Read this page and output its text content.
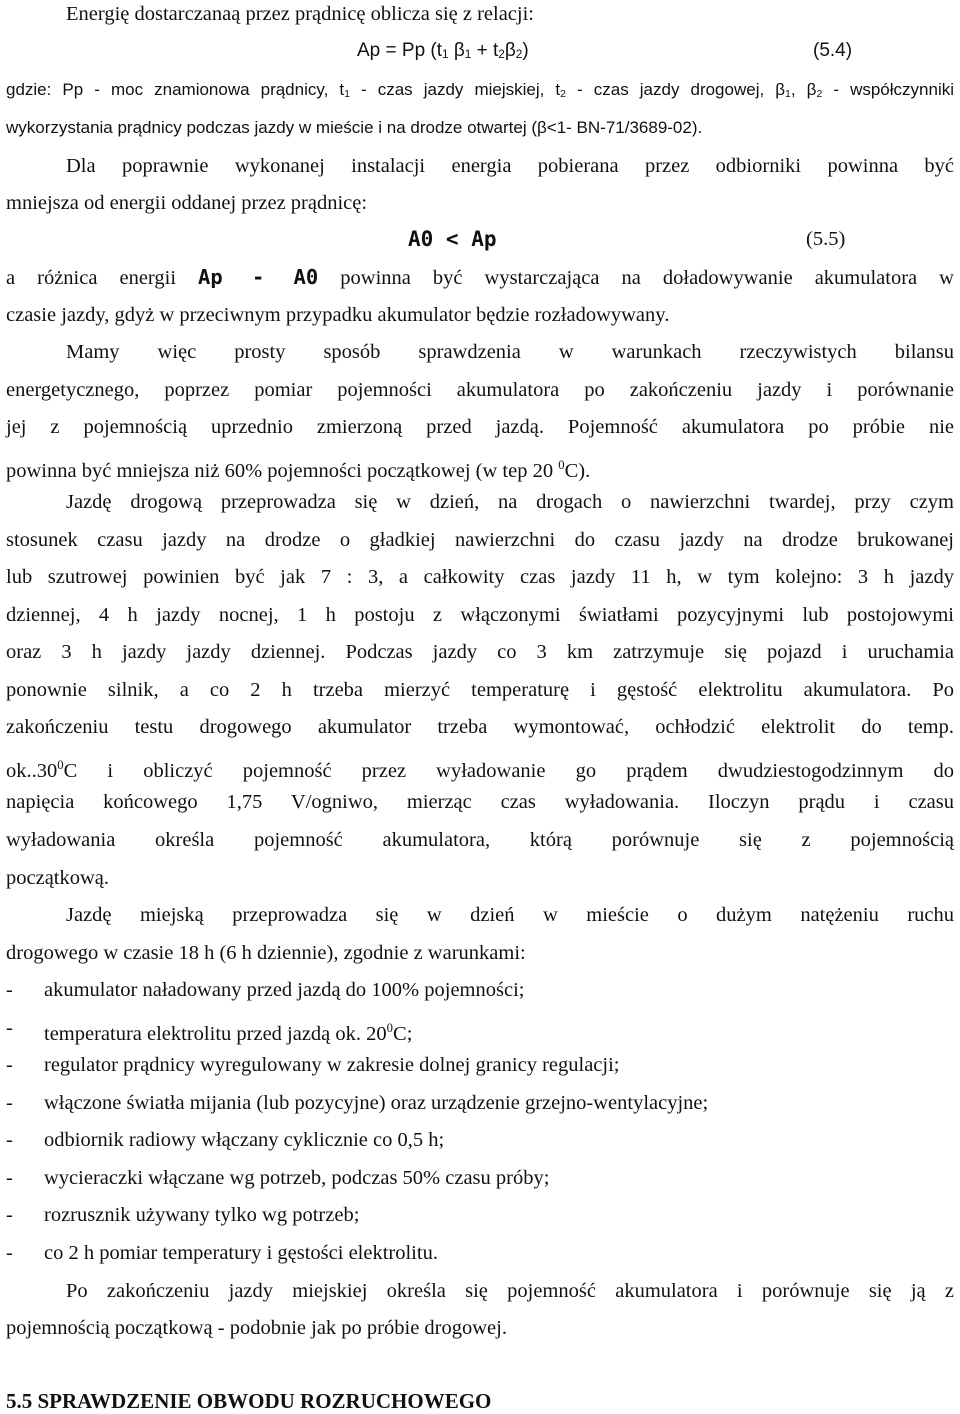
Energię dostarczanaą przez prądnicę oblicza się z relacji:
Ap = Pp ($t_1$ $\beta_1 + t_2\beta_2$)	(5.4)
gdzie: Pp - moc znamionowa prądnicy, $t_1$ - czas jazdy miejskiej, $t_2$ - czas jazdy drogowej, $\beta_1$, $\beta_2$ - współczynniki
wykorzystania prądnicy podczas jazdy w mieście i na drodze otwartej (β<1- BN-71/3689-02).
Dla poprawnie wykonanej instalacji energia pobierana przez odbiorniki powinna być
mniejsza od energii oddanej przez prądnicę:
A0 < Ap	(5.5)
a różnica energii Ap - A0 powinna być wystarczająca na doładowywanie akumulatora w
czasie jazdy, gdyż w przeciwnym przypadku akumulator będzie rozładowywany.
Mamy więc prosty sposób sprawdzenia w warunkach rzeczywistych bilansu
energetycznego, poprzez pomiar pojemności akumulatora po zakończeniu jazdy i porównanie
jej z pojemnością uprzednio zmierzoną przed jazdą. Pojemność akumulatora po próbie nie
powinna być mniejsza niż 60% pojemności początkowej (w tep 20 $^0$C).
Jazdę drogową przeprowadza się w dzień, na drogach o nawierzchni twardej, przy czym
stosunek czasu jazdy na drodze o gładkiej nawierzchni do czasu jazdy na drodze brukowanej
lub szutrowej powinien być jak 7 : 3, a całkowity czas jazdy 11 h, w tym kolejno: 3 h jazdy
dziennej, 4 h jazdy nocnej, 1 h postoju z włączonymi światłami pozycyjnymi lub postojowymi
oraz 3 h jazdy jazdy dziennej. Podczas jazdy co 3 km zatrzymuje się pojazd i uruchamia
ponownie silnik, a co 2 h trzeba mierzyć temperaturę i gęstość elektrolitu akumulatora. Po
zakończeniu testu drogowego akumulator trzeba wymontować, ochłodzić elektrolit do temp.
ok..30$^0$C i obliczyć pojemność przez wyładowanie go prądem dwudziestogodzinnym do
napięcia końcowego 1,75 V/ogniwo, mierząc czas wyładowania. Iloczyn prądu i czasu
wyładowania określa pojemność akumulatora, którą porównuje się z pojemnością
początkową.
Jazdę miejską przeprowadza się w dzień w mieście o dużym natężeniu ruchu
drogowego w czasie 18 h (6 h dziennie), zgodnie z warunkami:
- akumulator naładowany przed jazdą do 100% pojemności;
- temperatura elektrolitu przed jazdą ok. $20^0C$;
- regulator prądnicy wyregulowany w zakresie dolnej granicy regulacji;
- włączone światła mijania (lub pozycyjne) oraz urządzenie grzejno-wentylacyjne;
- odbiornik radiowy włączany cyklicznie co 0,5 h;
- wycieraczki włączane wg potrzeb, podczas 50% czasu próby;
- rozrusznik używany tylko wg potrzeb;
- co 2 h pomiar temperatury i gęstości elektrolitu.
Po zakończeniu jazdy miejskiej określa się pojemność akumulatora i porównuje się ją z
pojemnością początkową - podobnie jak po próbie drogowej.
5.5 SPRAWDZENIE OBWODU ROZRUCHOWEGO
